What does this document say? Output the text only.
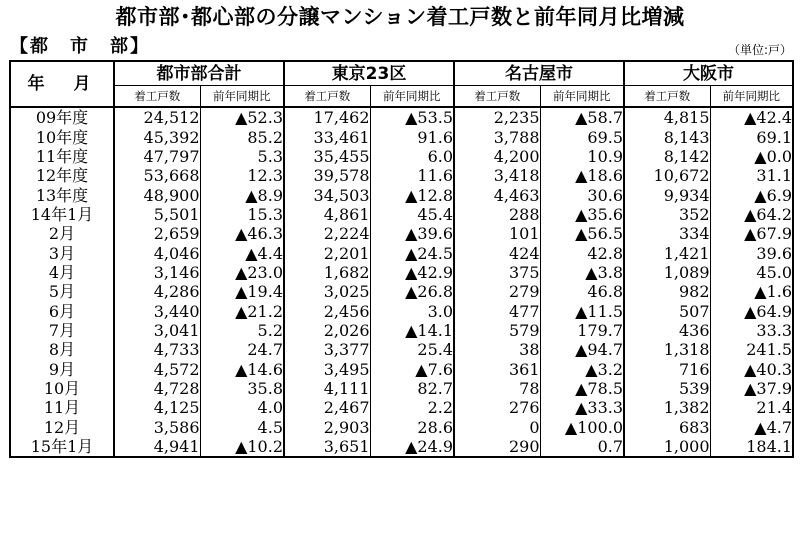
都市部･都心部の分譲マンション着工戸数と前年同月比増減
【都　市　部】	（単位:戸）
年　月	都市部合計		東京23区		名古屋市		大阪市	
	着工戸数	前年同期比	着工戸数	前年同期比	着工戸数	前年同期比	着工戸数	前年同期比
09年度	24,512	▲52.3	17,462	▲53.5	2,235	▲58.7	4,815	▲42.4
10年度	45,392	85.2	33,461	91.6	3,788	69.5	8,143	69.1
11年度	47,797	5.3	35,455	6.0	4,200	10.9	8,142	▲0.0
12年度	53,668	12.3	39,578	11.6	3,418	▲18.6	10,672	31.1
13年度	48,900	▲8.9	34,503	▲12.8	4,463	30.6	9,934	▲6.9
14年1月	5,501	15.3	4,861	45.4	288	▲35.6	352	▲64.2
2月	2,659	▲46.3	2,224	▲39.6	101	▲56.5	334	▲67.9
3月	4,046	▲4.4	2,201	▲24.5	424	42.8	1,421	39.6
4月	3,146	▲23.0	1,682	▲42.9	375	▲3.8	1,089	45.0
5月	4,286	▲19.4	3,025	▲26.8	279	46.8	982	▲1.6
6月	3,440	▲21.2	2,456	3.0	477	▲11.5	507	▲64.9
7月	3,041	5.2	2,026	▲14.1	579	179.7	436	33.3
8月	4,733	24.7	3,377	25.4	38	▲94.7	1,318	241.5
9月	4,572	▲14.6	3,495	▲7.6	361	▲3.2	716	▲40.3
10月	4,728	35.8	4,111	82.7	78	▲78.5	539	▲37.9
11月	4,125	4.0	2,467	2.2	276	▲33.3	1,382	21.4
12月	3,586	4.5	2,903	28.6	0	▲100.0	683	▲4.7
15年1月	4,941	▲10.2	3,651	▲24.9	290	0.7	1,000	184.1
